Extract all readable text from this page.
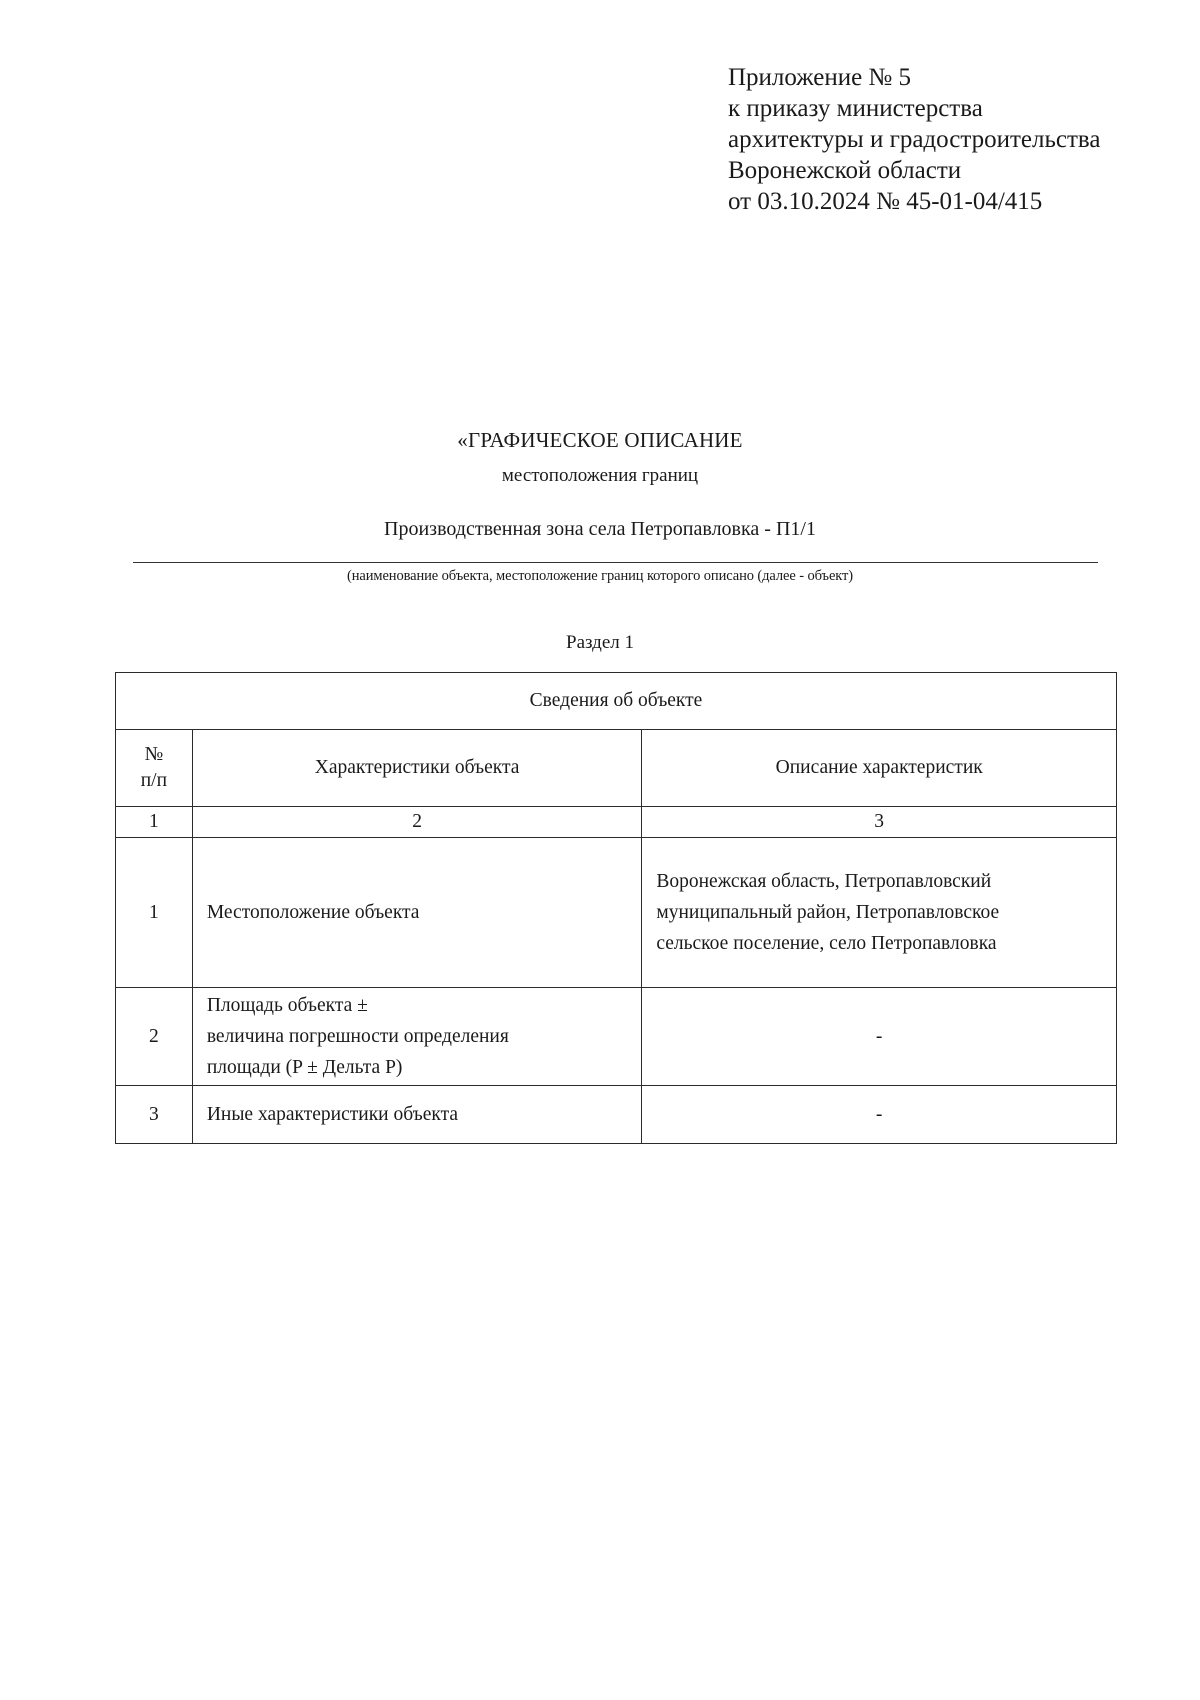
Приложение № 5
к приказу министерства
архитектуры и градостроительства
Воронежской области
от 03.10.2024 № 45-01-04/415
«ГРАФИЧЕСКОЕ ОПИСАНИЕ
местоположения границ
Производственная зона села Петропавловка - П1/1
(наименование объекта, местоположение границ которого описано (далее - объект)
Раздел 1
Сведения об объекте		

№
п/п	Характеристики объекта	Описание характеристик
1	2	3
1	Местоположение объекта	Воронежская область, Петропавловский
муниципальный район, Петропавловское
сельское поселение, село Петропавловка

2	Площадь объекта ±
величина погрешности определения
площади (P ± Дельта P)	-
3	Иные характеристики объекта	-
